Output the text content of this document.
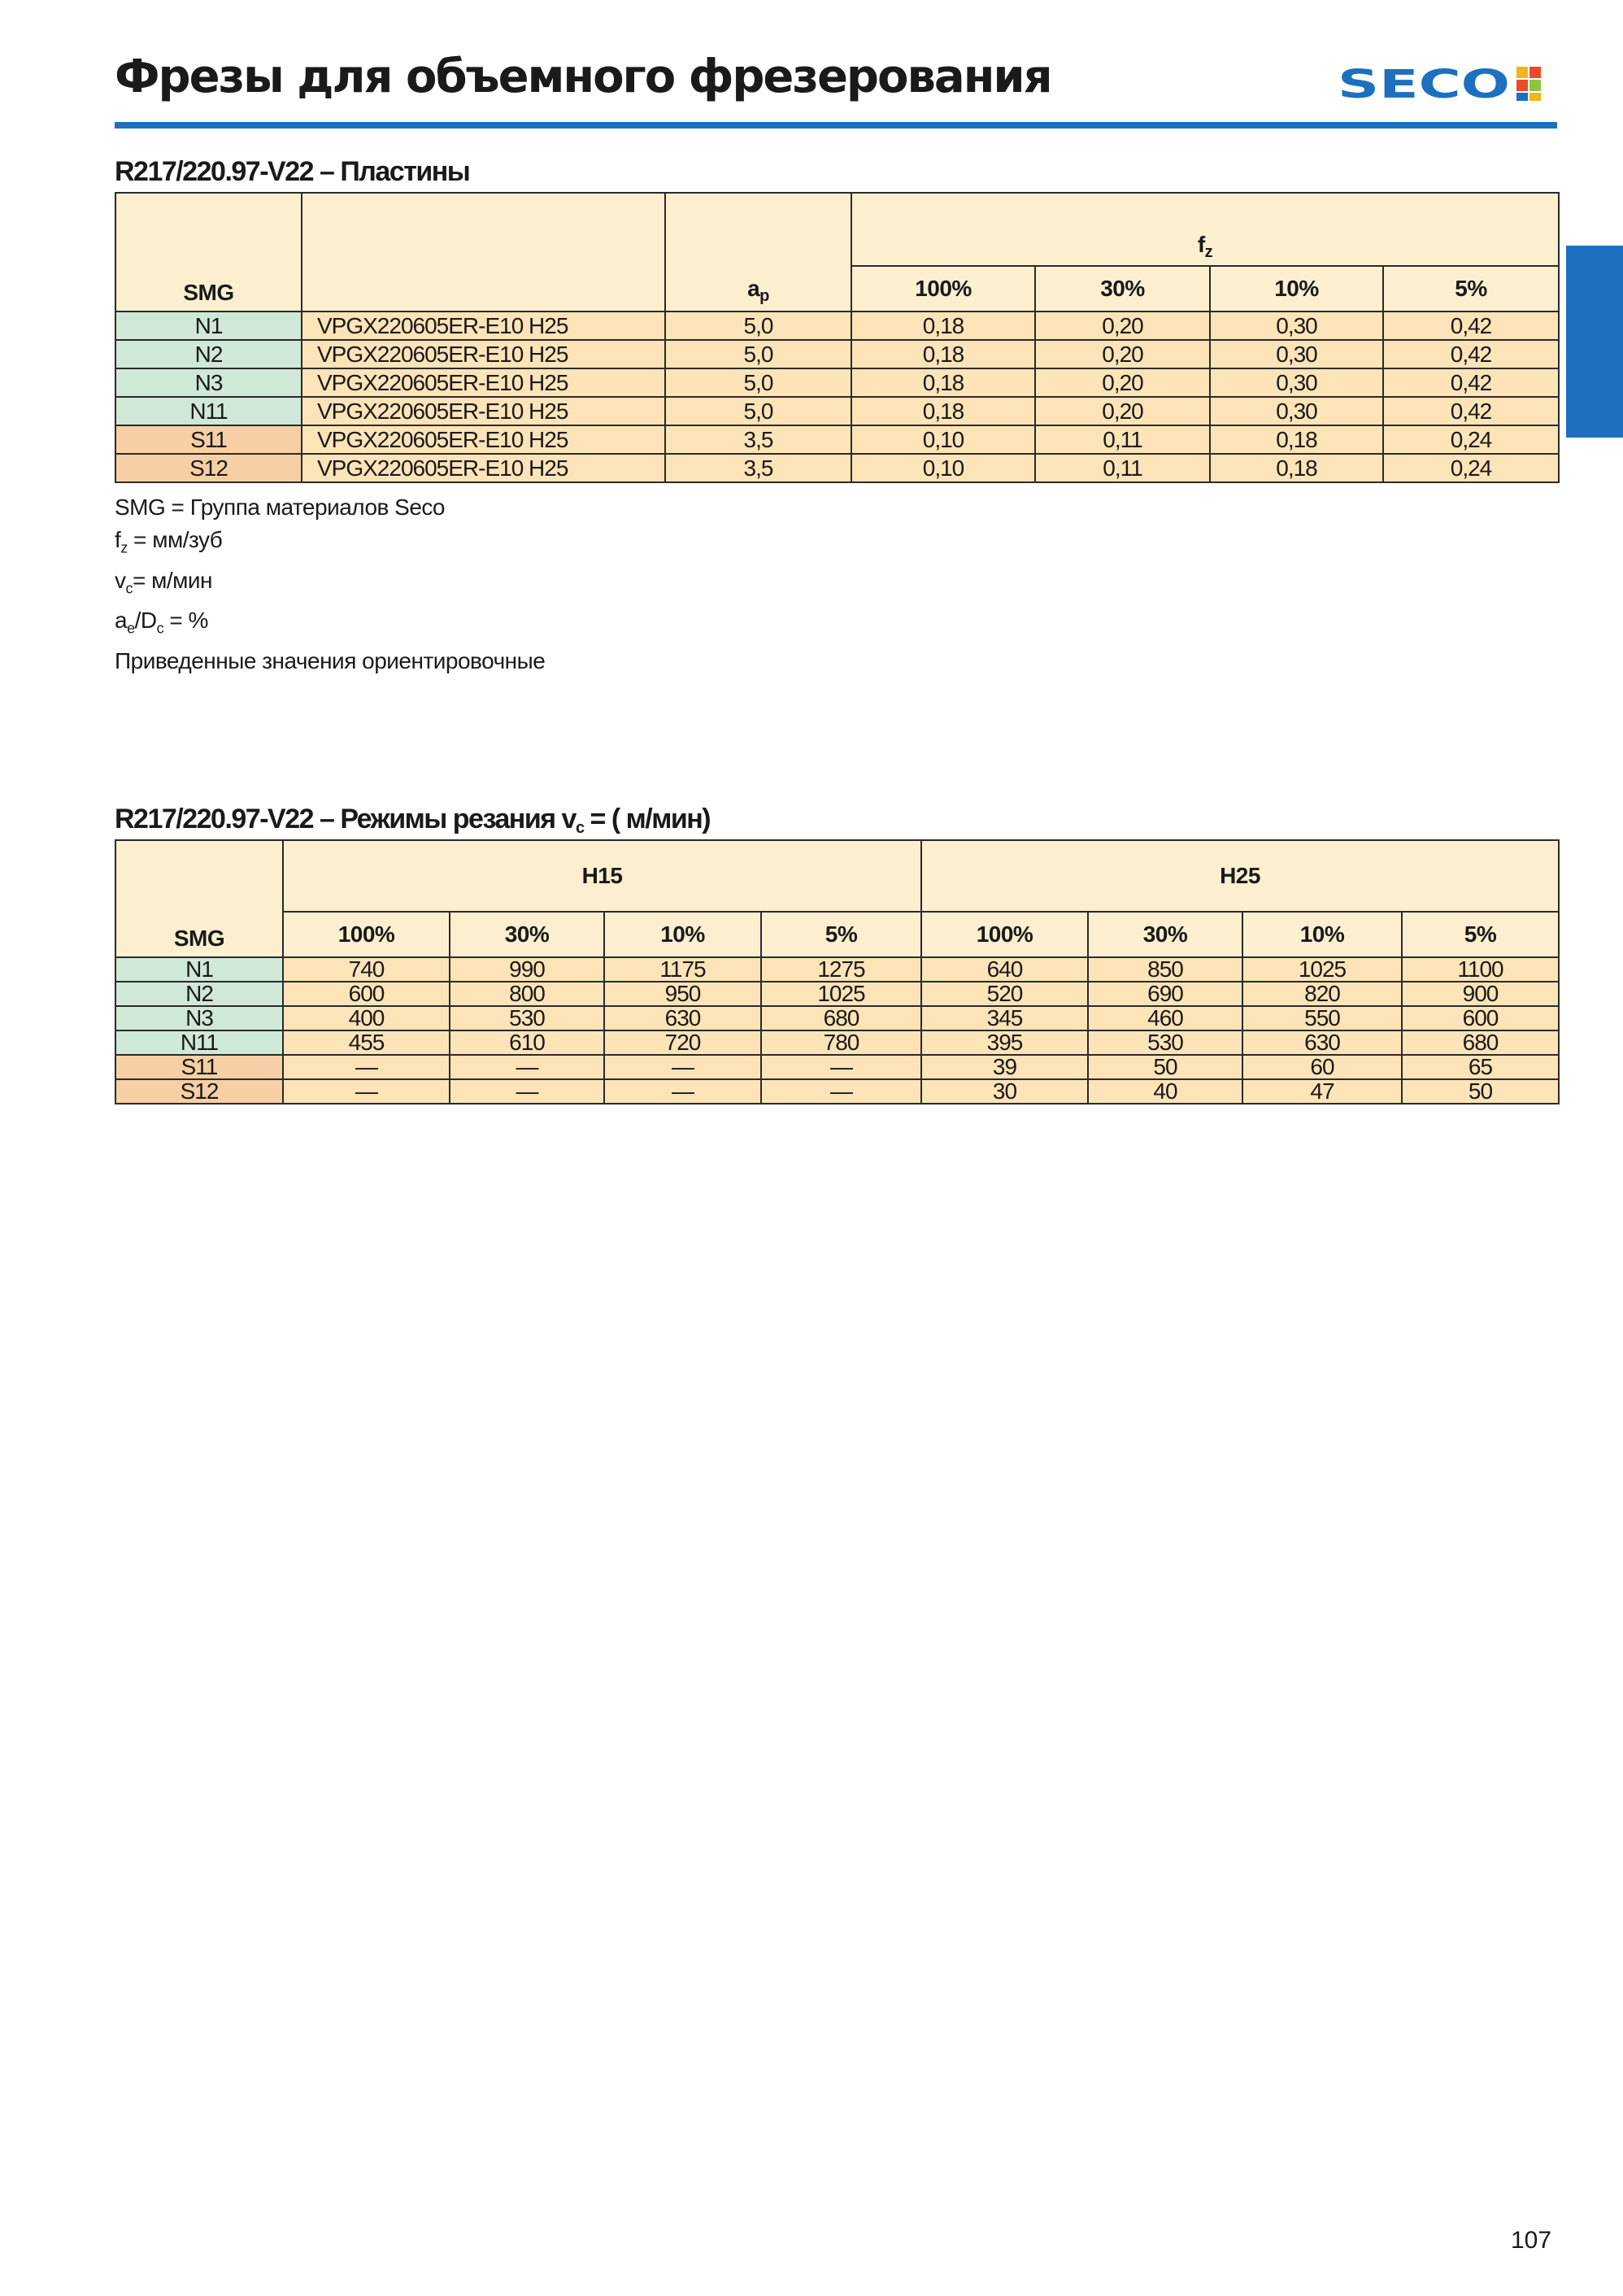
Фрезы для объемного фрезерования	SECO
R217/220.97-V22 – Пластины
SMG		$a_p$	$f_z$
			100%	30%	10%	5%
N1	VPGX220605ER-E10 H25	5,0	0,18	0,20	0,30	0,42
N2	VPGX220605ER-E10 H25	5,0	0,18	0,20	0,30	0,42
N3	VPGX220605ER-E10 H25	5,0	0,18	0,20	0,30	0,42
N11	VPGX220605ER-E10 H25	5,0	0,18	0,20	0,30	0,42
S11	VPGX220605ER-E10 H25	3,5	0,10	0,11	0,18	0,24
S12	VPGX220605ER-E10 H25	3,5	0,10	0,11	0,18	0,24
SMG = Группа материалов Seco
$f_z = мм/зуб$
$v_c= м/мин$
$a_e/D_c$ = %
Приведенные значения ориентировочные
R217/220.97-V22 – Режимы резания $v_c$ = ( м/мин)
SMG	H15				H25			
	100%	30%	10%	5%	100%	30%	10%	5%
N1	740	990	1175	1275	640	850	1025	1100
N2	600	800	950	1025	520	690	820	900
N3	400	530	630	680	345	460	550	600
N11	455	610	720	780	395	530	630	680
S11	—	—	—	—	39	50	60	65
S12	—	—	—	—	30	40	47	50
107
